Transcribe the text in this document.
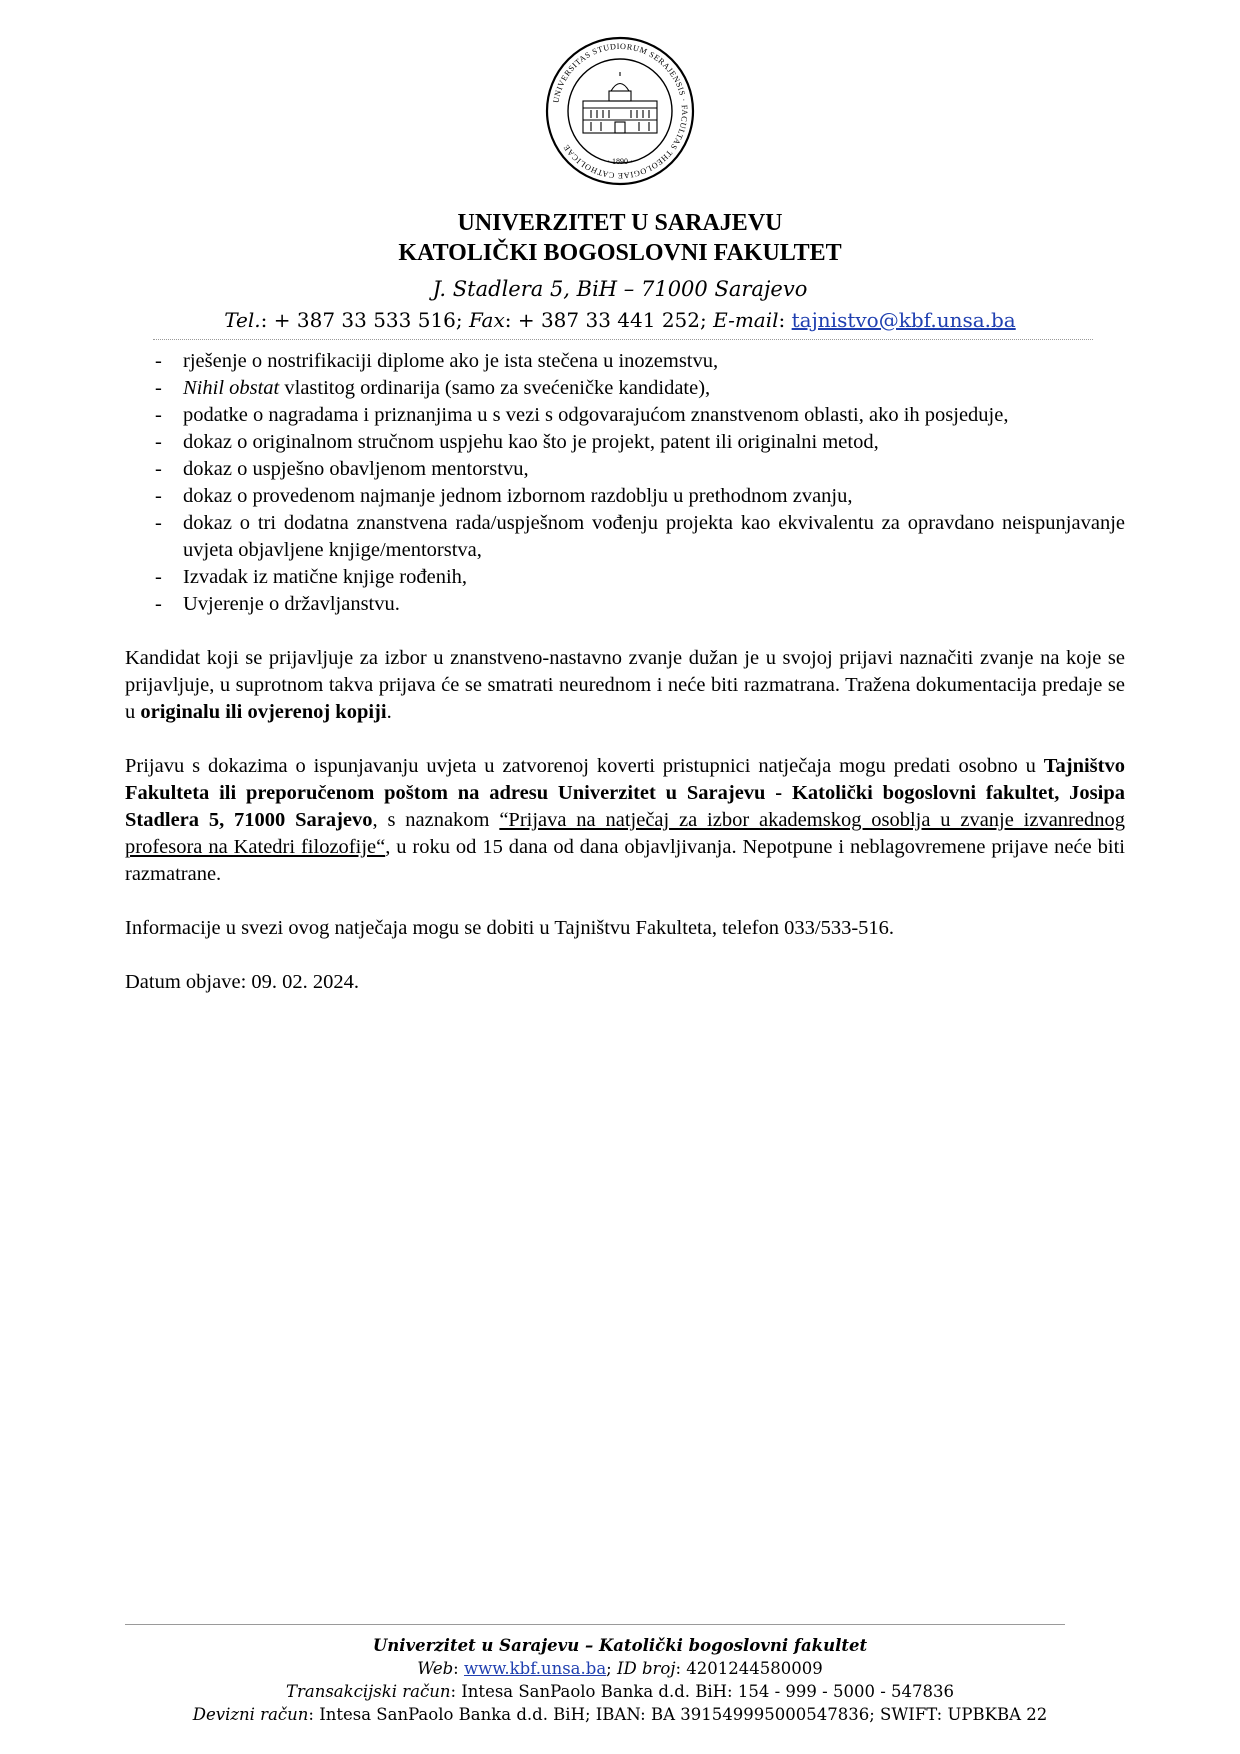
UNIVERSITAS STUDIORUM SERAJENSIS · FACULTAS THEOLOGIAE CATHOLICAE
· 1890 ·
UNIVERZITET U SARAJEVU
KATOLIČKI BOGOSLOVNI FAKULTET
J. Stadlera 5, BiH – 71000 Sarajevo
Tel.: + 387 33 533 516; Fax: + 387 33 441 252; E-mail: tajnistvo@kbf.unsa.ba
- rješenje o nostrifikaciji diplome ako je ista stečena u inozemstvu,
- Nihil obstat vlastitog ordinarija (samo za svećeničke kandidate),
- podatke o nagradama i priznanjima u s vezi s odgovarajućom znanstvenom oblasti, ako ih posjeduje,
- dokaz o originalnom stručnom uspjehu kao što je projekt, patent ili originalni metod,
- dokaz o uspješno obavljenom mentorstvu,
- dokaz o provedenom najmanje jednom izbornom razdoblju u prethodnom zvanju,
- dokaz o tri dodatna znanstvena rada/uspješnom vođenju projekta kao ekvivalentu za opravdano neispunjavanje uvjeta objavljene knjige/mentorstva,
- Izvadak iz matične knjige rođenih,
- Uvjerenje o državljanstvu.

Kandidat koji se prijavljuje za izbor u znanstveno-nastavno zvanje dužan je u svojoj prijavi naznačiti zvanje na koje se prijavljuje, u suprotnom takva prijava će se smatrati neurednom i neće biti razmatrana. Tražena dokumentacija predaje se u originalu ili ovjerenoj kopiji.

Prijavu s dokazima o ispunjavanju uvjeta u zatvorenoj koverti pristupnici natječaja mogu predati osobno u Tajništvo Fakulteta ili preporučenom poštom na adresu Univerzitet u Sarajevu - Katolički bogoslovni fakultet, Josipa Stadlera 5, 71000 Sarajevo, s naznakom “Prijava na natječaj za izbor akademskog osoblja u zvanje izvanrednog profesora na Katedri filozofije“, u roku od 15 dana od dana objavljivanja. Nepotpune i neblagovremene prijave neće biti razmatrane.

Informacije u svezi ovog natječaja mogu se dobiti u Tajništvu Fakulteta, telefon 033/533-516.

Datum objave: 09. 02. 2024.

Univerzitet u Sarajevu – Katolički bogoslovni fakultet
Web: www.kbf.unsa.ba; ID broj: 4201244580009
Transakcijski račun: Intesa SanPaolo Banka d.d. BiH: 154 - 999 - 5000 - 547836
Devizni račun: Intesa SanPaolo Banka d.d. BiH; IBAN: BA 391549995000547836; SWIFT: UPBKBA 22
